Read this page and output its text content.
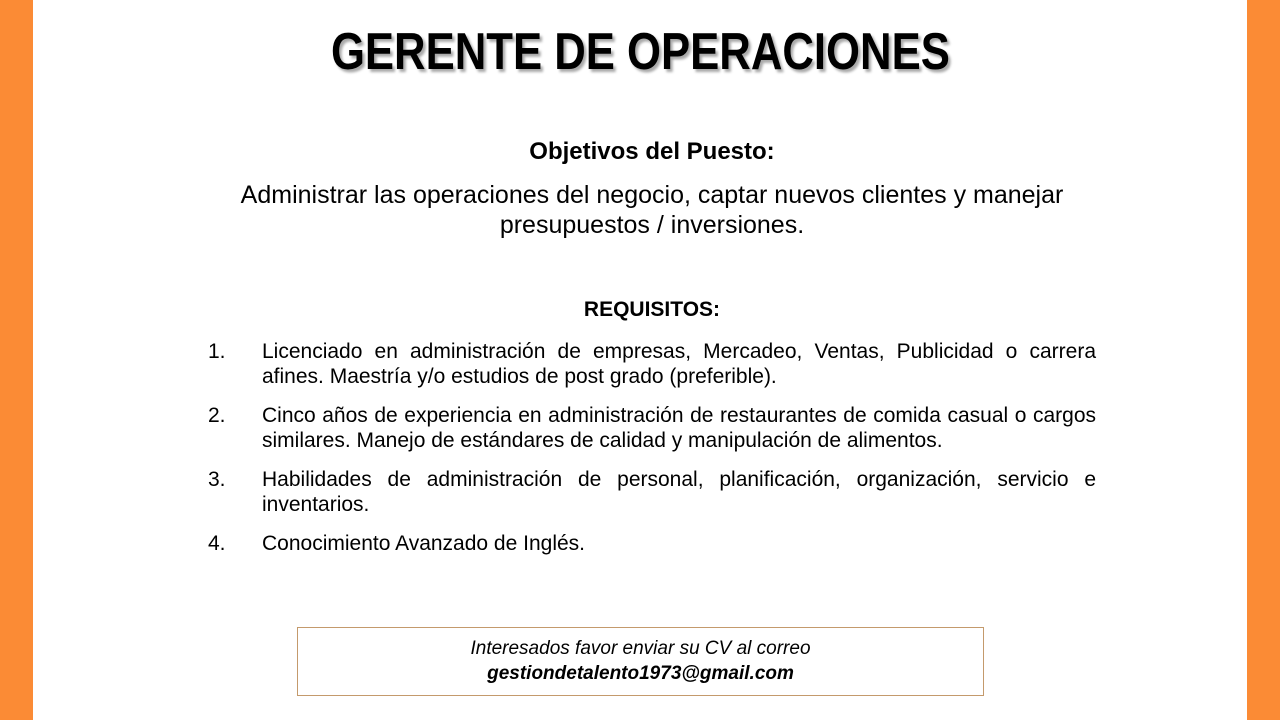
GERENTE DE OPERACIONES
Objetivos del Puesto:
Administrar las operaciones del negocio, captar nuevos clientes y manejar presupuestos / inversiones.
REQUISITOS:
1.	Licenciado en administración de empresas, Mercadeo, Ventas, Publicidad o carrera afines. Maestría y/o estudios de post grado (preferible).
2.	Cinco años de experiencia en administración de restaurantes de comida casual o cargos similares. Manejo de estándares de calidad y manipulación de alimentos.
3.	Habilidades de administración de personal, planificación, organización, servicio e inventarios.
4.	Conocimiento Avanzado de Inglés.
Interesados favor enviar su CV al correo
gestiondetalento1973@gmail.com
